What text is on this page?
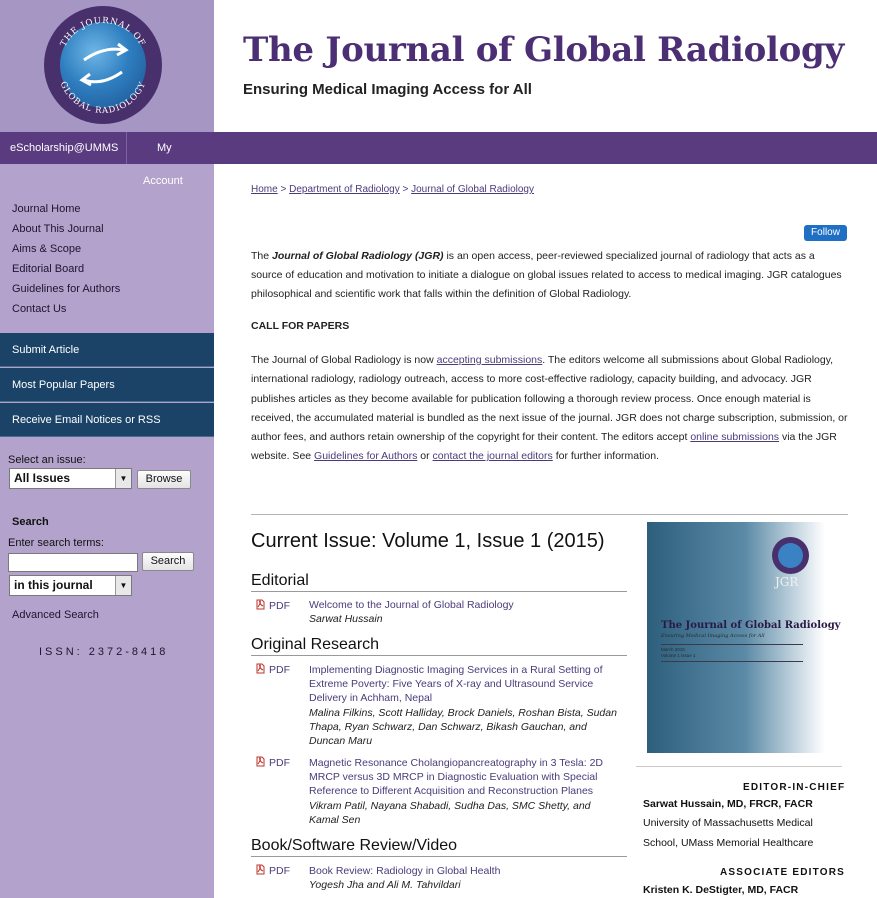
THE JOURNAL OF
GLOBAL RADIOLOGY
Account
Journal Home
About This Journal
Aims & Scope
Editorial Board
Guidelines for Authors
Contact Us
Submit Article
Most Popular Papers
Receive Email Notices or RSS
Select an issue:
All Issues	▼	Browse
Search
Enter search terms:
Search
in this journal	▼
Advanced Search
ISSN: 2372-8418
eScholarship@UMMS	My
The Journal of Global Radiology
Ensuring Medical Imaging Access for All
Home > Department of Radiology > Journal of Global Radiology
Follow

The Journal of Global Radiology (JGR) is an open access, peer-reviewed specialized journal of radiology that acts as a source of education and motivation to initiate a dialogue on global issues related to access to medical imaging. JGR catalogues philosophical and scientific work that falls within the definition of Global Radiology.

CALL FOR PAPERS

The Journal of Global Radiology is now accepting submissions. The editors welcome all submissions about Global Radiology, international radiology, radiology outreach, access to more cost-effective radiology, capacity building, and advocacy. JGR publishes articles as they become available for publication following a thorough review process. Once enough material is received, the accumulated material is bundled as the next issue of the journal. JGR does not charge subscription, submission, or author fees, and authors retain ownership of the copyright for their content. The editors accept online submissions via the JGR website. See Guidelines for Authors or contact the journal editors for further information.

Current Issue: Volume 1, Issue 1 (2015)
Editorial
PDF Welcome to the Journal of Global Radiology
Sarwat Hussain
Original Research
PDF Implementing Diagnostic Imaging Services in a Rural Setting of Extreme Poverty: Five Years of X-ray and Ultrasound Service Delivery in Achham, Nepal
Malina Filkins, Scott Halliday, Brock Daniels, Roshan Bista, Sudan Thapa, Ryan Schwarz, Dan Schwarz, Bikash Gauchan, and Duncan Maru
PDF Magnetic Resonance Cholangiopancreatography in 3 Tesla: 2D MRCP versus 3D MRCP in Diagnostic Evaluation with Special Reference to Different Acquisition and Reconstruction Planes
Vikram Patil, Nayana Shabadi, Sudha Das, SMC Shetty, and Kamal Sen
Book/Software Review/Video
PDF Book Review: Radiology in Global Health
Yogesh Jha and Ali M. Tahvildari
JGR
The Journal of Global Radiology
Ensuring Medical Imaging Access for All
March 2015
Volume 1 Issue 1
EDITOR-IN-CHIEF
Sarwat Hussain, MD, FRCR, FACR
University of Massachusetts Medical School, UMass Memorial Healthcare
ASSOCIATE EDITORS
Kristen K. DeStigter, MD, FACR
